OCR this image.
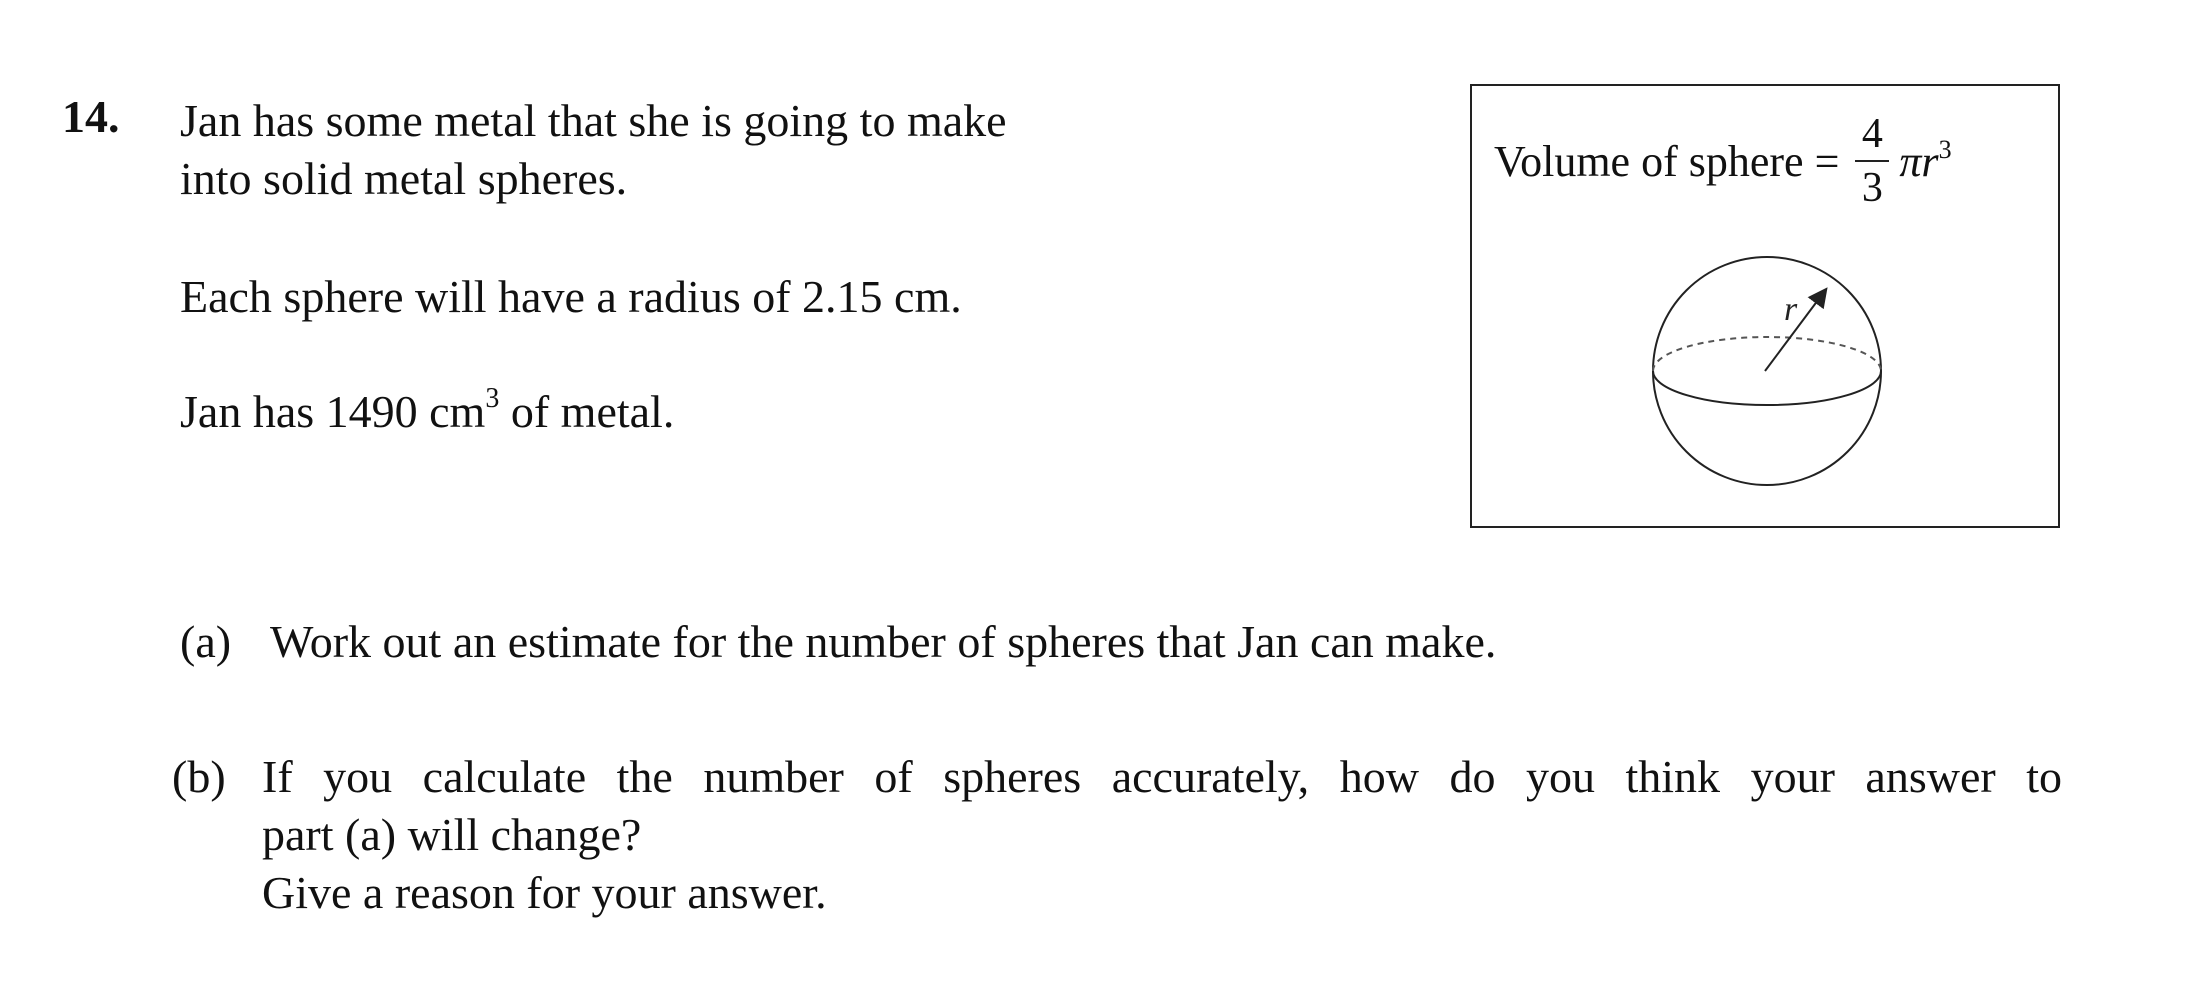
14. Jan has some metal that she is going to make

into solid metal spheres.

Each sphere will have a radius of 2.15 cm.

Jan has 1490 $cm^3$ of metal.

Volume of sphere = $\frac{4}{3} \pi r^3$
r
(a) Work out an estimate for the number of spheres that Jan can make.

(b) If you calculate the number of spheres accurately, how do you think your answer to

part (a) will change?

Give a reason for your answer.
